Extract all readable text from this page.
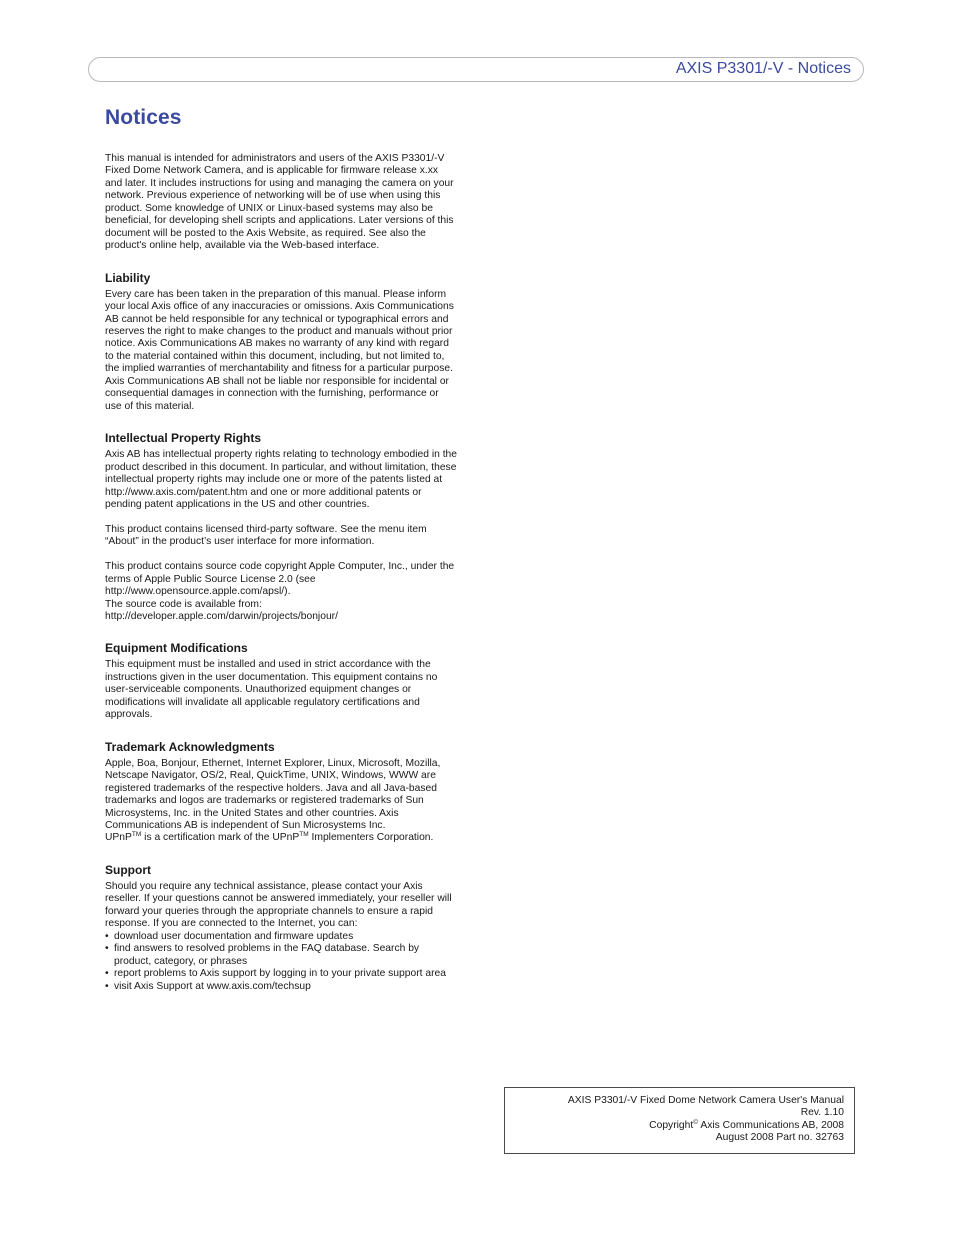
AXIS P3301/-V - Notices
Notices

This manual is intended for administrators and users of the AXIS P3301/-V Fixed Dome Network Camera, and is applicable for firmware release x.xx and later. It includes instructions for using and managing the camera on your network. Previous experience of networking will be of use when using this product. Some knowledge of UNIX or Linux-based systems may also be beneficial, for developing shell scripts and applications. Later versions of this document will be posted to the Axis Website, as required. See also the product's online help, available via the Web-based interface.

Liability

Every care has been taken in the preparation of this manual. Please inform your local Axis office of any inaccuracies or omissions. Axis Communications AB cannot be held responsible for any technical or typographical errors and reserves the right to make changes to the product and manuals without prior notice. Axis Communications AB makes no warranty of any kind with regard to the material contained within this document, including, but not limited to, the implied warranties of merchantability and fitness for a particular purpose. Axis Communications AB shall not be liable nor responsible for incidental or consequential damages in connection with the furnishing, performance or use of this material.

Intellectual Property Rights

Axis AB has intellectual property rights relating to technology embodied in the product described in this document. In particular, and without limitation, these intellectual property rights may include one or more of the patents listed at http://www.axis.com/patent.htm and one or more additional patents or pending patent applications in the US and other countries.

This product contains licensed third-party software. See the menu item “About” in the product’s user interface for more information.

This product contains source code copyright Apple Computer, Inc., under the terms of Apple Public Source License 2.0 (see http://www.opensource.apple.com/apsl/).

The source code is available from:

http://developer.apple.com/darwin/projects/bonjour/

Equipment Modifications

This equipment must be installed and used in strict accordance with the instructions given in the user documentation. This equipment contains no user-serviceable components. Unauthorized equipment changes or modifications will invalidate all applicable regulatory certifications and approvals.

Trademark Acknowledgments

Apple, Boa, Bonjour, Ethernet, Internet Explorer, Linux, Microsoft, Mozilla, Netscape Navigator, OS/2, Real, QuickTime, UNIX, Windows, WWW are registered trademarks of the respective holders. Java and all Java-based trademarks and logos are trademarks or registered trademarks of Sun Microsystems, Inc. in the United States and other countries. Axis Communications AB is independent of Sun Microsystems Inc.

UPnP™ is a certification mark of the UPnP™ Implementers Corporation.

Support

Should you require any technical assistance, please contact your Axis reseller. If your questions cannot be answered immediately, your reseller will forward your queries through the appropriate channels to ensure a rapid response. If you are connected to the Internet, you can:

• download user documentation and firmware updates
• find answers to resolved problems in the FAQ database. Search by product, category, or phrases
• report problems to Axis support by logging in to your private support area
• visit Axis Support at www.axis.com/techsup
AXIS P3301/-V Fixed Dome Network Camera User's Manual
Rev. 1.10
Copyright© Axis Communications AB, 2008
August 2008 Part no. 32763
